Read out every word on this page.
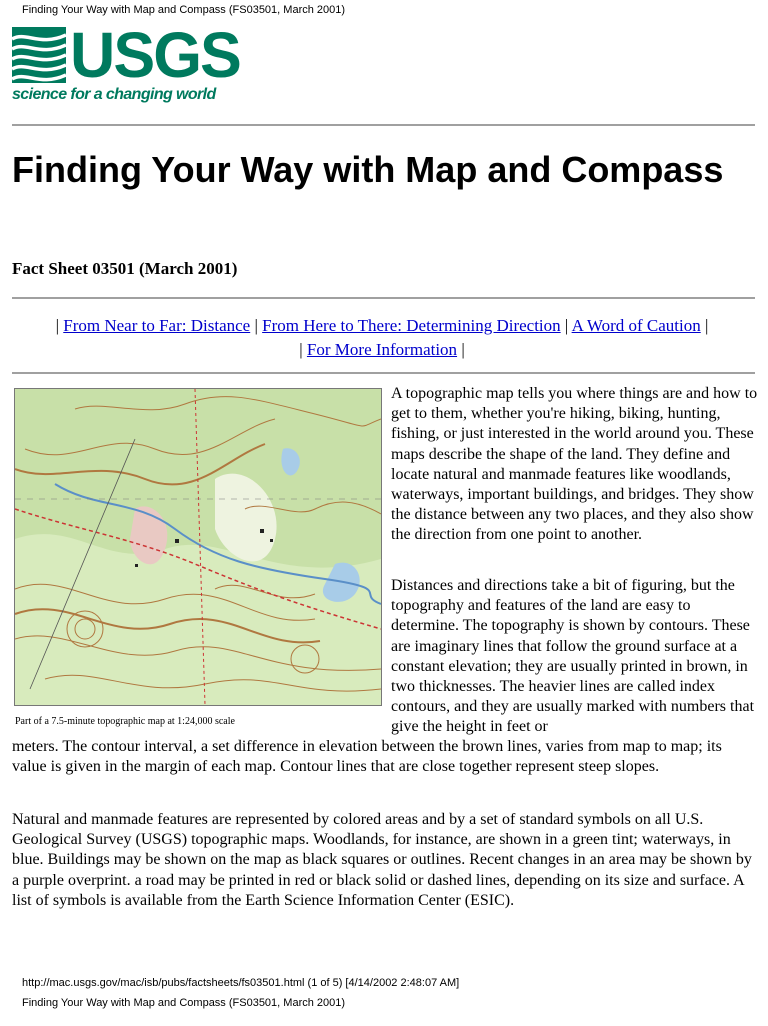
Finding Your Way with Map and Compass (FS03501, March 2001)
USGS
science for a changing world
Finding Your Way with Map and Compass
Fact Sheet 03501 (March 2001)
| From Near to Far: Distance | From Here to There: Determining Direction | A Word of Caution |
| For More Information |
Part of a 7.5-minute topographic map at 1:24,000 scale

A topographic map tells you where things are and how to get to them, whether you're hiking, biking, hunting, fishing, or just interested in the world around you. These maps describe the shape of the land. They define and locate natural and manmade features like woodlands, waterways, important buildings, and bridges. They show the distance between any two places, and they also show the direction from one point to another.

Distances and directions take a bit of figuring, but the topography and features of the land are easy to determine. The topography is shown by contours. These are imaginary lines that follow the ground surface at a constant elevation; they are usually printed in brown, in two thicknesses. The heavier lines are called index contours, and they are usually marked with numbers that give the height in feet or

meters. The contour interval, a set difference in elevation between the brown lines, varies from map to map; its value is given in the margin of each map. Contour lines that are close together represent steep slopes.

Natural and manmade features are represented by colored areas and by a set of standard symbols on all U.S. Geological Survey (USGS) topographic maps. Woodlands, for instance, are shown in a green tint; waterways, in blue. Buildings may be shown on the map as black squares or outlines. Recent changes in an area may be shown by a purple overprint. a road may be printed in red or black solid or dashed lines, depending on its size and surface. A list of symbols is available from the Earth Science Information Center (ESIC).

http://mac.usgs.gov/mac/isb/pubs/factsheets/fs03501.html (1 of 5) [4/14/2002 2:48:07 AM]
Finding Your Way with Map and Compass (FS03501, March 2001)
